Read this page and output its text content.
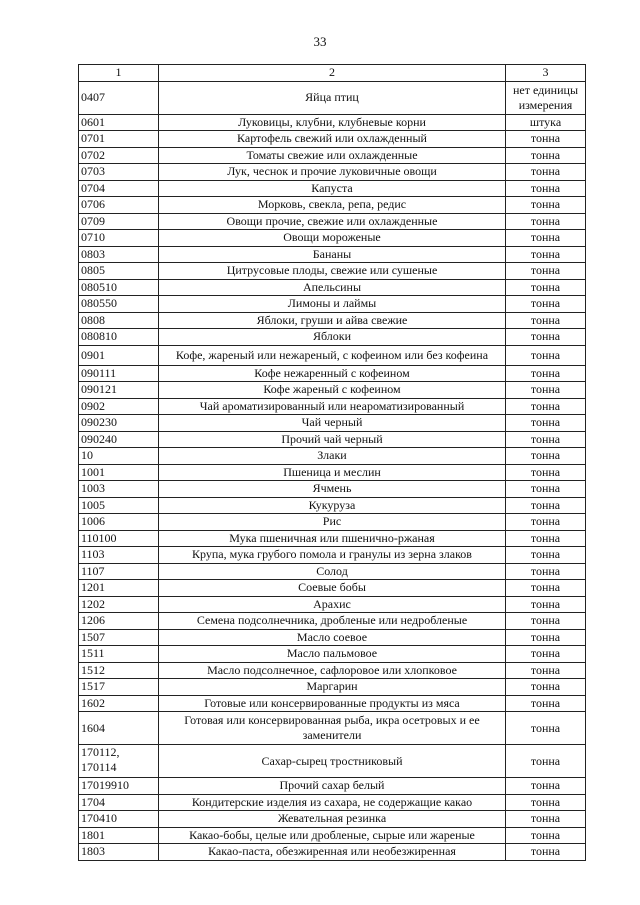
33
1	2	3
0407	Яйца птиц	нет единицы измерения
0601	Луковицы, клубни, клубневые корни	штука
0701	Картофель свежий или охлажденный	тонна
0702	Томаты свежие или охлажденные	тонна
0703	Лук, чеснок и прочие луковичные овощи	тонна
0704	Капуста	тонна
0706	Морковь, свекла, репа, редис	тонна
0709	Овощи прочие, свежие или охлажденные	тонна
0710	Овощи мороженые	тонна
0803	Бананы	тонна
0805	Цитрусовые плоды, свежие или сушеные	тонна
080510	Апельсины	тонна
080550	Лимоны и лаймы	тонна
0808	Яблоки, груши и айва свежие	тонна
080810	Яблоки	тонна
0901	Кофе, жареный или нежареный, с кофеином или без кофеина	тонна
090111	Кофе нежаренный с кофеином	тонна
090121	Кофе жареный с кофеином	тонна
0902	Чай ароматизированный или неароматизированный	тонна
090230	Чай черный	тонна
090240	Прочий чай черный	тонна
10	Злаки	тонна
1001	Пшеница и меслин	тонна
1003	Ячмень	тонна
1005	Кукуруза	тонна
1006	Рис	тонна
110100	Мука пшеничная или пшенично-ржаная	тонна
1103	Крупа, мука грубого помола и гранулы из зерна злаков	тонна
1107	Солод	тонна
1201	Соевые бобы	тонна
1202	Арахис	тонна
1206	Семена подсолнечника, дробленые или недробленые	тонна
1507	Масло соевое	тонна
1511	Масло пальмовое	тонна
1512	Масло подсолнечное, сафлоровое или хлопковое	тонна
1517	Маргарин	тонна
1602	Готовые или консервированные продукты из мяса	тонна
1604	Готовая или консервированная рыба, икра осетровых и ее заменители	тонна
170112, 170114	Сахар-сырец тростниковый	тонна
17019910	Прочий сахар белый	тонна
1704	Кондитерские изделия из сахара, не содержащие какао	тонна
170410	Жевательная резинка	тонна
1801	Какао-бобы, целые или дробленые, сырые или жареные	тонна
1803	Какао-паста, обезжиренная или необезжиренная	тонна
